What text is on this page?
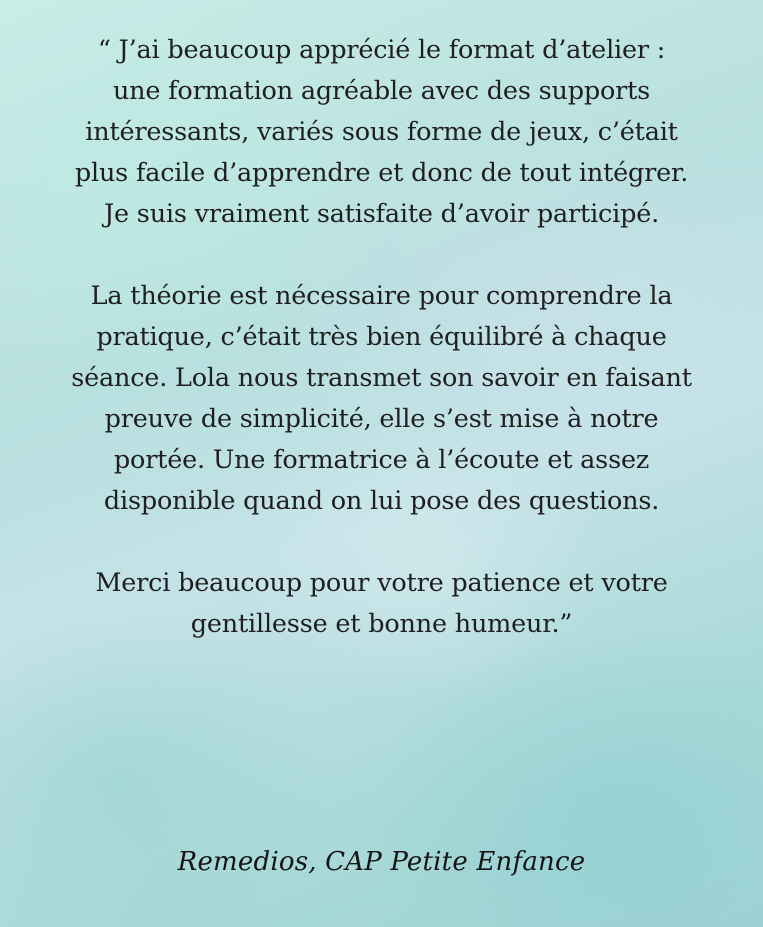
“ J’ai beaucoup apprécié le format d’atelier :
une formation agréable avec des supports
intéressants, variés sous forme de jeux, c’était
plus facile d’apprendre et donc de tout intégrer.
Je suis vraiment satisfaite d’avoir participé.

La théorie est nécessaire pour comprendre la
pratique, c’était très bien équilibré à chaque
séance. Lola nous transmet son savoir en faisant
preuve de simplicité, elle s’est mise à notre
portée. Une formatrice à l’écoute et assez
disponible quand on lui pose des questions.

Merci beaucoup pour votre patience et votre
gentillesse et bonne humeur.”

Remedios, CAP Petite Enfance
